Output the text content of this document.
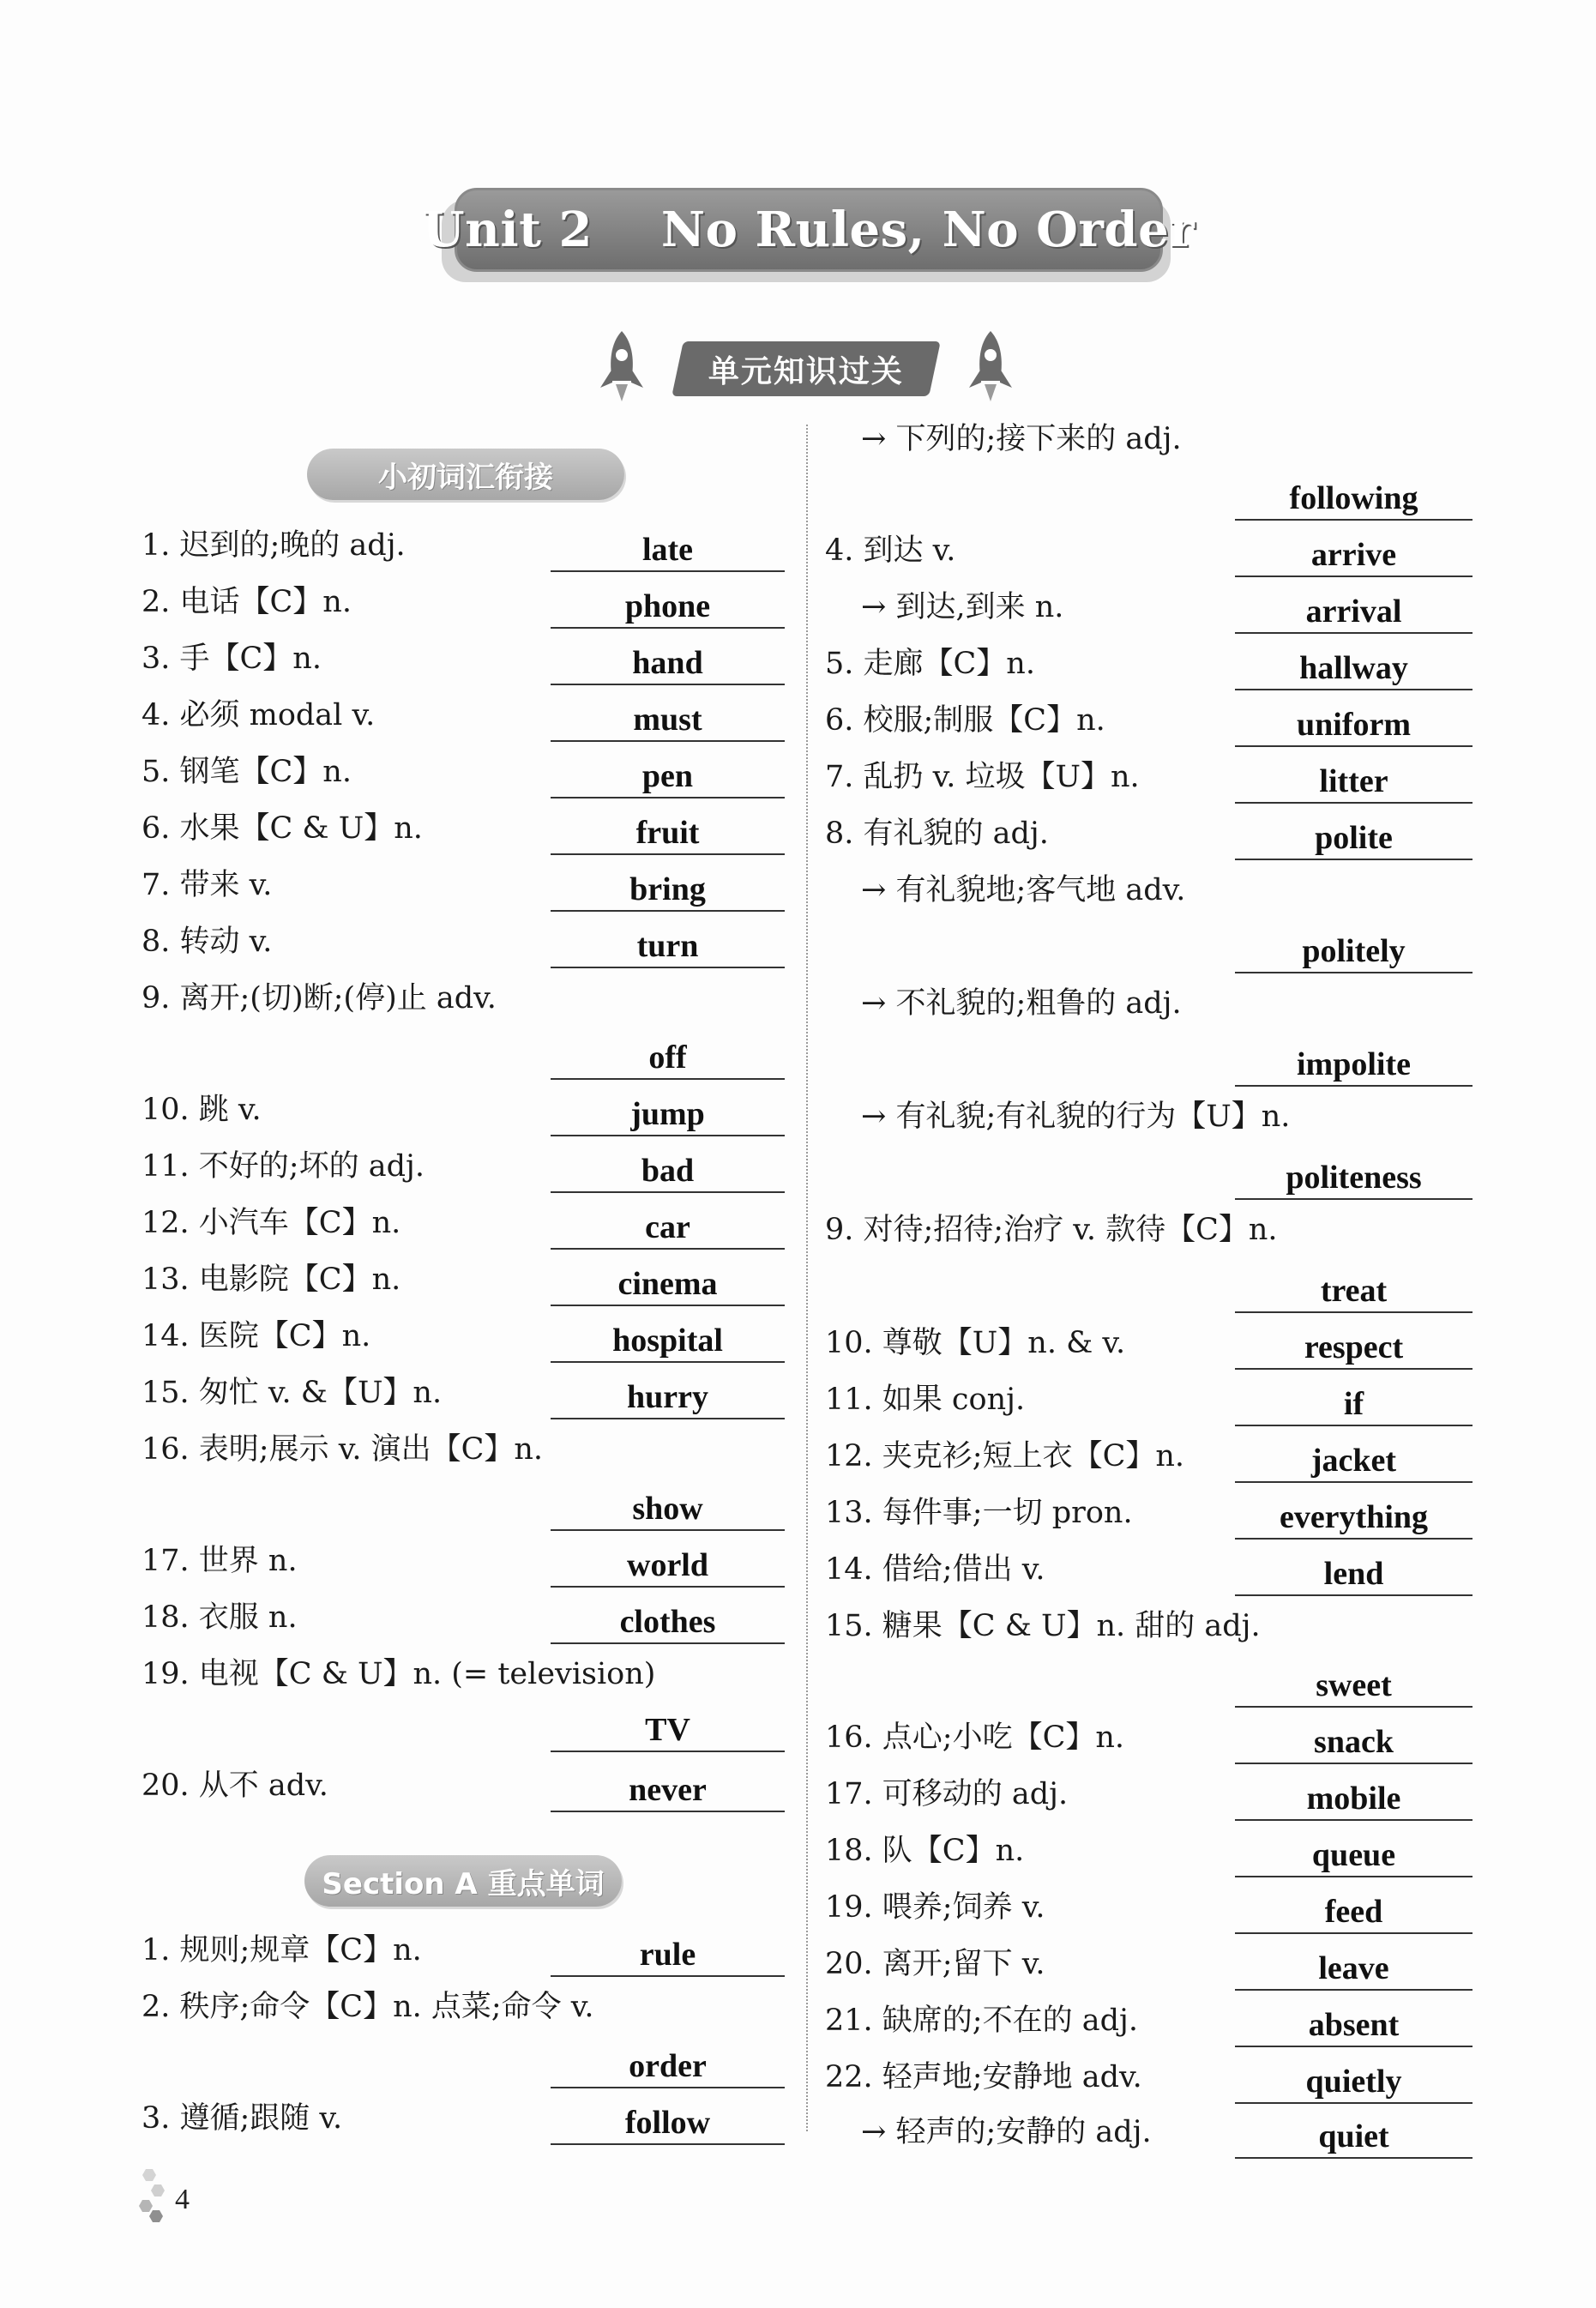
Unit 2    No Rules, No Order
单元知识过关
小初词汇衔接
Section A 重点单词
1. 迟到的;晚的 adj.	late
2. 电话【C】n.	phone
3. 手【C】n.	hand
4. 必须 modal v.	must
5. 钢笔【C】n.	pen
6. 水果【C & U】n.	fruit
7. 带来 v.	bring
8. 转动 v.	turn
9. 离开;(切)断;(停)止 adv.
off
10. 跳 v.	jump
11. 不好的;坏的 adj.	bad
12. 小汽车【C】n.	car
13. 电影院【C】n.	cinema
14. 医院【C】n.	hospital
15. 匆忙 v. &【U】n.	hurry
16. 表明;展示 v. 演出【C】n.
show
17. 世界 n.	world
18. 衣服 n.	clothes
19. 电视【C & U】n. (= television)
TV
20. 从不 adv.	never
1. 规则;规章【C】n.	rule
2. 秩序;命令【C】n. 点菜;命令 v.
order
3. 遵循;跟随 v.	follow
→ 下列的;接下来的 adj.
following
4. 到达 v.	arrive
→ 到达,到来 n.	arrival
5. 走廊【C】n.	hallway
6. 校服;制服【C】n.	uniform
7. 乱扔 v. 垃圾【U】n.	litter
8. 有礼貌的 adj.	polite
→ 有礼貌地;客气地 adv.
politely
→ 不礼貌的;粗鲁的 adj.
impolite
→ 有礼貌;有礼貌的行为【U】n.
politeness
9. 对待;招待;治疗 v. 款待【C】n.
treat
10. 尊敬【U】n. & v.	respect
11. 如果 conj.	if
12. 夹克衫;短上衣【C】n.	jacket
13. 每件事;一切 pron.	everything
14. 借给;借出 v.	lend
15. 糖果【C & U】n. 甜的 adj.
sweet
16. 点心;小吃【C】n.	snack
17. 可移动的 adj.	mobile
18. 队【C】n.	queue
19. 喂养;饲养 v.	feed
20. 离开;留下 v.	leave
21. 缺席的;不在的 adj.	absent
22. 轻声地;安静地 adv.	quietly
→ 轻声的;安静的 adj.	quiet
4
